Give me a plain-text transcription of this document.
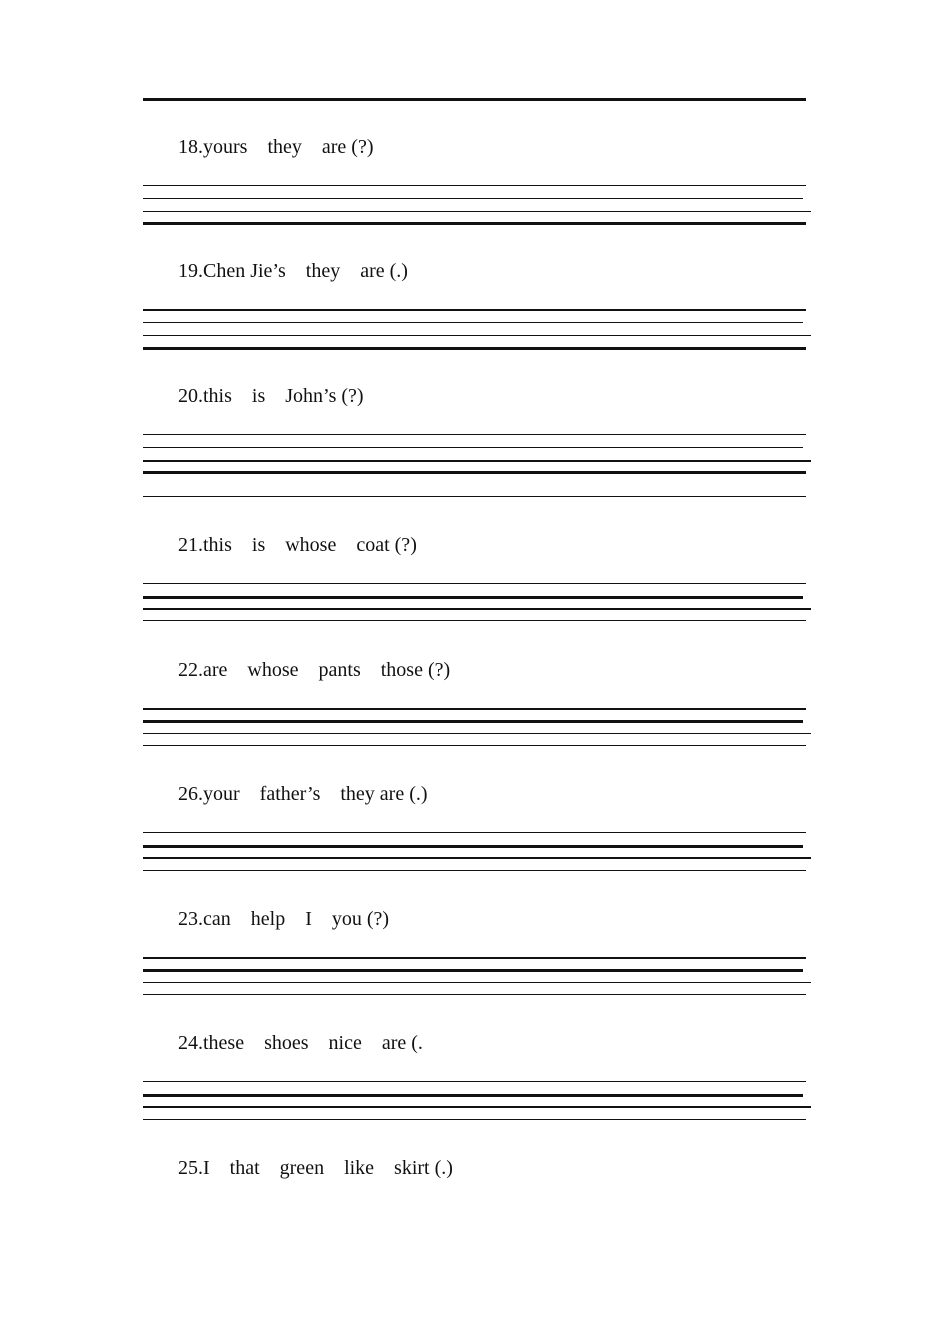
18.yours    they    are (?)
19.Chen Jie’s    they    are (.)
20.this    is    John’s (?)
21.this    is    whose    coat (?)
22.are    whose    pants    those (?)
26.your    father’s    they are (.)
23.can    help    I    you (?)
24.these    shoes    nice    are (.
25.I    that    green    like    skirt (.)
